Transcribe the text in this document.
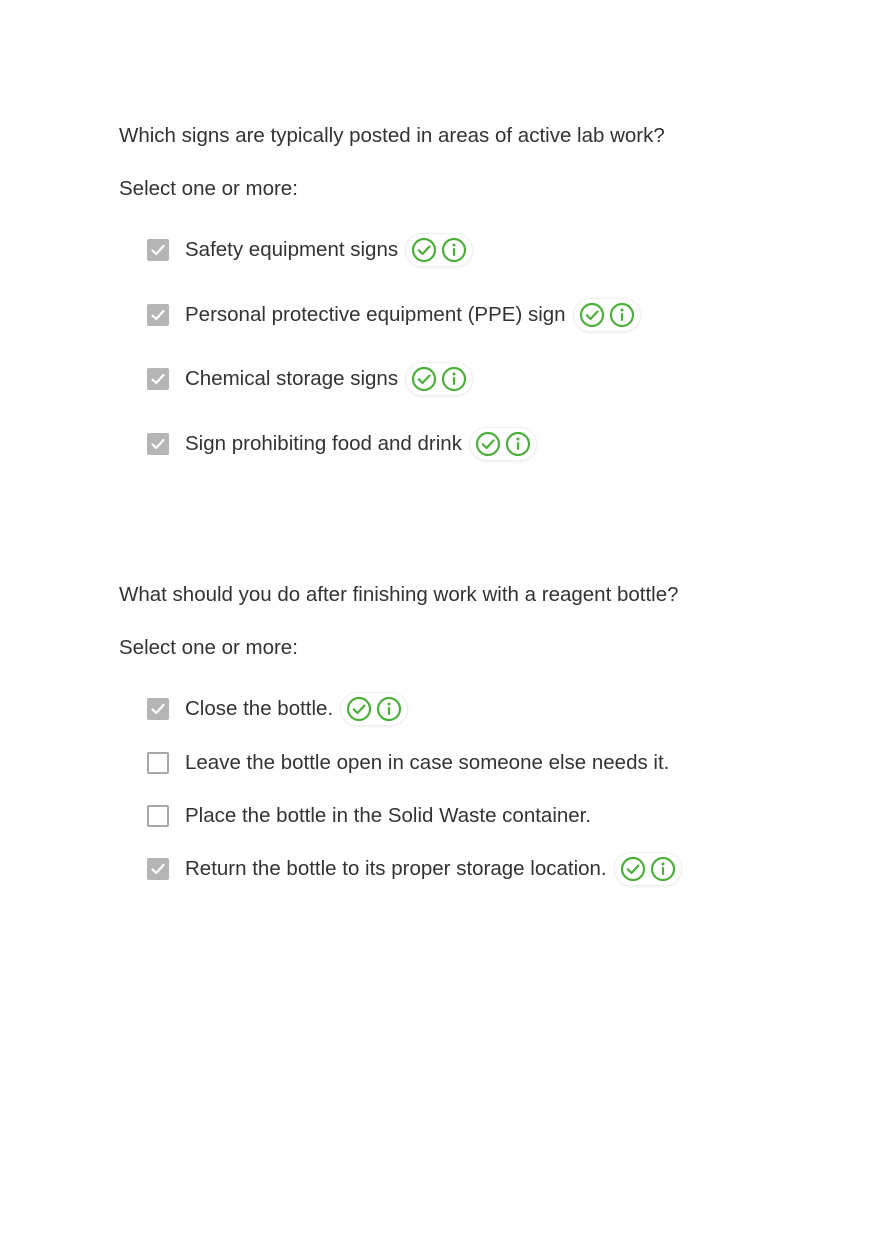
Which signs are typically posted in areas of active lab work?

Select one or more:
Safety equipment signs
Personal protective equipment (PPE) sign
Chemical storage signs
Sign prohibiting food and drink

What should you do after finishing work with a reagent bottle?

Select one or more:
Close the bottle.
Leave the bottle open in case someone else needs it.
Place the bottle in the Solid Waste container.
Return the bottle to its proper storage location.
